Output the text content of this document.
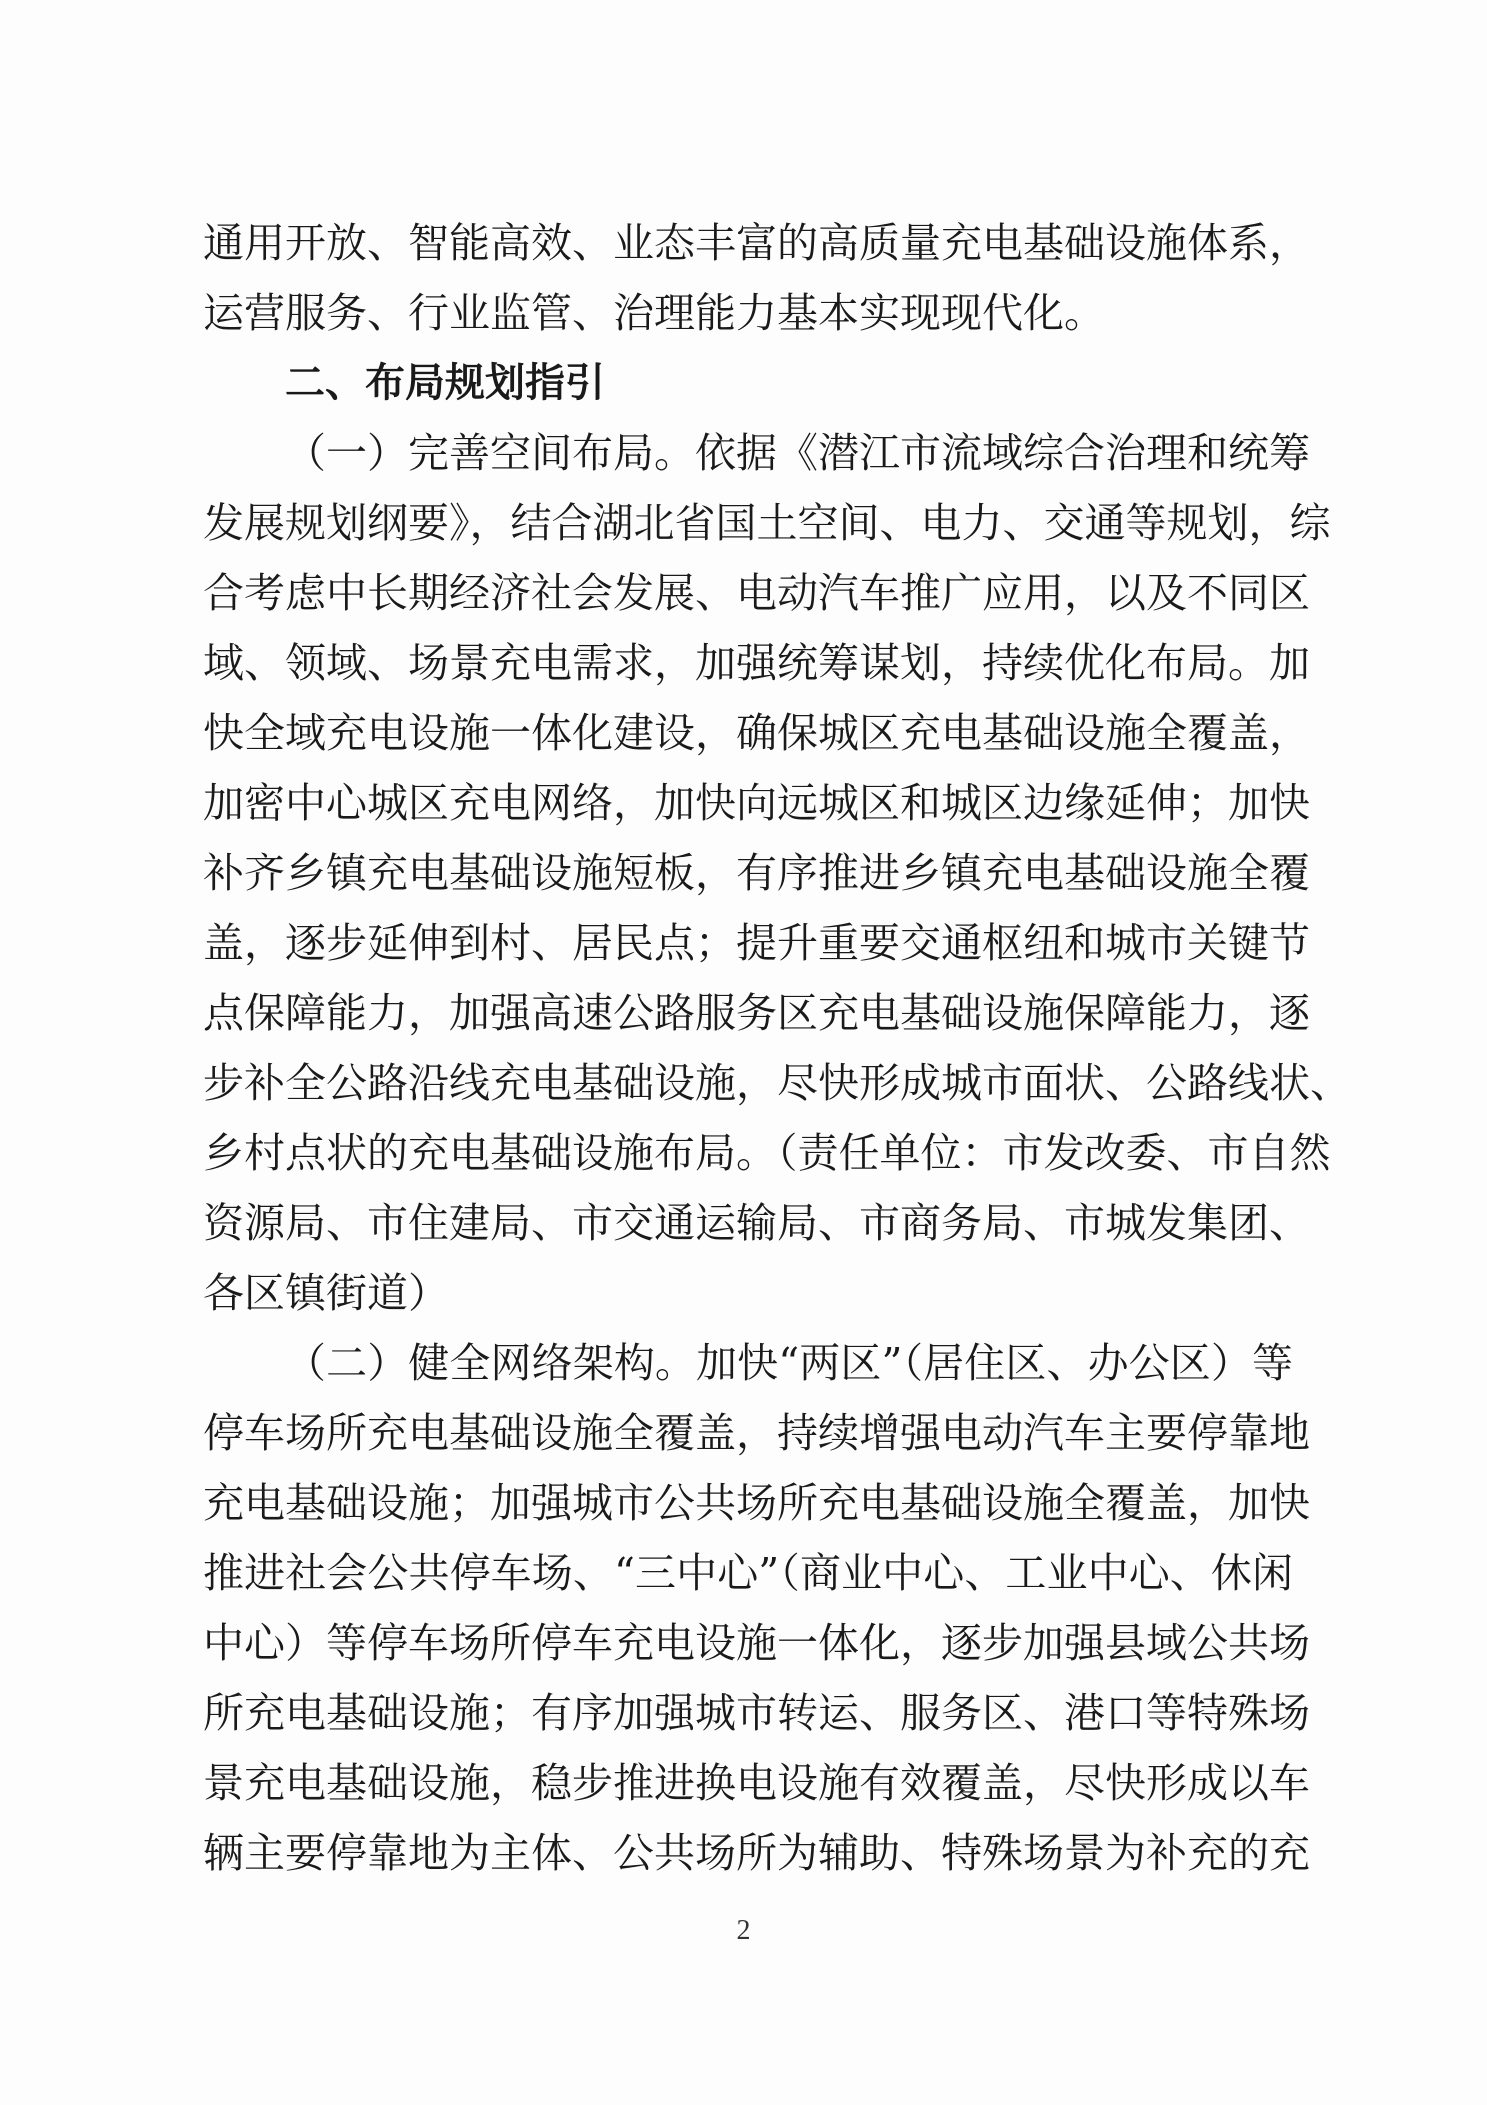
通用开放、智能高效、业态丰富的高质量充电基础设施体系，
运营服务、行业监管、治理能力基本实现现代化。
二、布局规划指引
（一）完善空间布局。依据《潜江市流域综合治理和统筹
发展规划纲要》，结合湖北省国土空间、电力、交通等规划，综
合考虑中长期经济社会发展、电动汽车推广应用，以及不同区
域、领域、场景充电需求，加强统筹谋划，持续优化布局。加
快全域充电设施一体化建设，确保城区充电基础设施全覆盖，
加密中心城区充电网络，加快向远城区和城区边缘延伸；加快
补齐乡镇充电基础设施短板，有序推进乡镇充电基础设施全覆
盖，逐步延伸到村、居民点；提升重要交通枢纽和城市关键节
点保障能力，加强高速公路服务区充电基础设施保障能力，逐
步补全公路沿线充电基础设施，尽快形成城市面状、公路线状、
乡村点状的充电基础设施布局。（责任单位：市发改委、市自然
资源局、市住建局、市交通运输局、市商务局、市城发集团、
各区镇街道）
（二）健全网络架构。加快“两区”（居住区、办公区）等
停车场所充电基础设施全覆盖，持续增强电动汽车主要停靠地
充电基础设施；加强城市公共场所充电基础设施全覆盖，加快
推进社会公共停车场、“三中心”（商业中心、工业中心、休闲
中心）等停车场所停车充电设施一体化，逐步加强县域公共场
所充电基础设施；有序加强城市转运、服务区、港口等特殊场
景充电基础设施，稳步推进换电设施有效覆盖，尽快形成以车
辆主要停靠地为主体、公共场所为辅助、特殊场景为补充的充
2
